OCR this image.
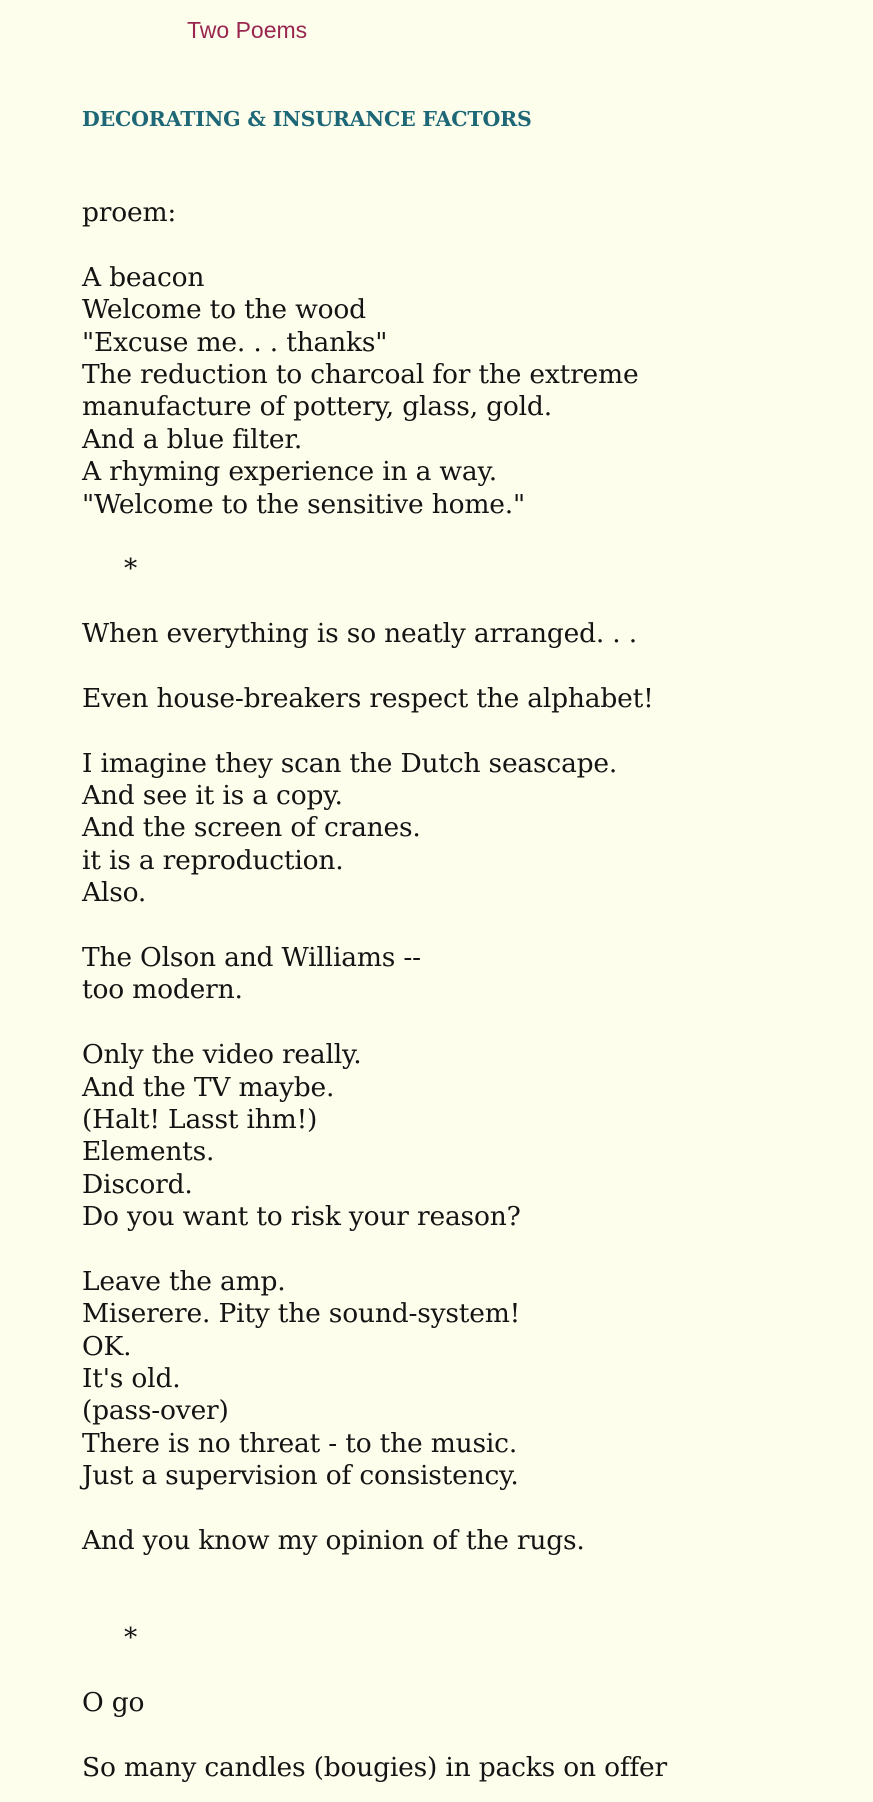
Two Poems
DECORATING & INSURANCE FACTORS
proem:
A beacon
Welcome to the wood
"Excuse me. . . thanks"
The reduction to charcoal for the extreme
manufacture of pottery, glass, gold.
And a blue filter.
A rhyming experience in a way.
"Welcome to the sensitive home."
*
When everything is so neatly arranged. . .
Even house-breakers respect the alphabet!
I imagine they scan the Dutch seascape.
And see it is a copy.
And the screen of cranes.
it is a reproduction.
Also.
The Olson and Williams --
too modern.
Only the video really.
And the TV maybe.
(Halt! Lasst ihm!)
Elements.
Discord.
Do you want to risk your reason?
Leave the amp.
Miserere. Pity the sound-system!
OK.
It's old.
(pass-over)
There is no threat - to the music.
Just a supervision of consistency.
And you know my opinion of the rugs.
*
O go
So many candles (bougies) in packs on offer
